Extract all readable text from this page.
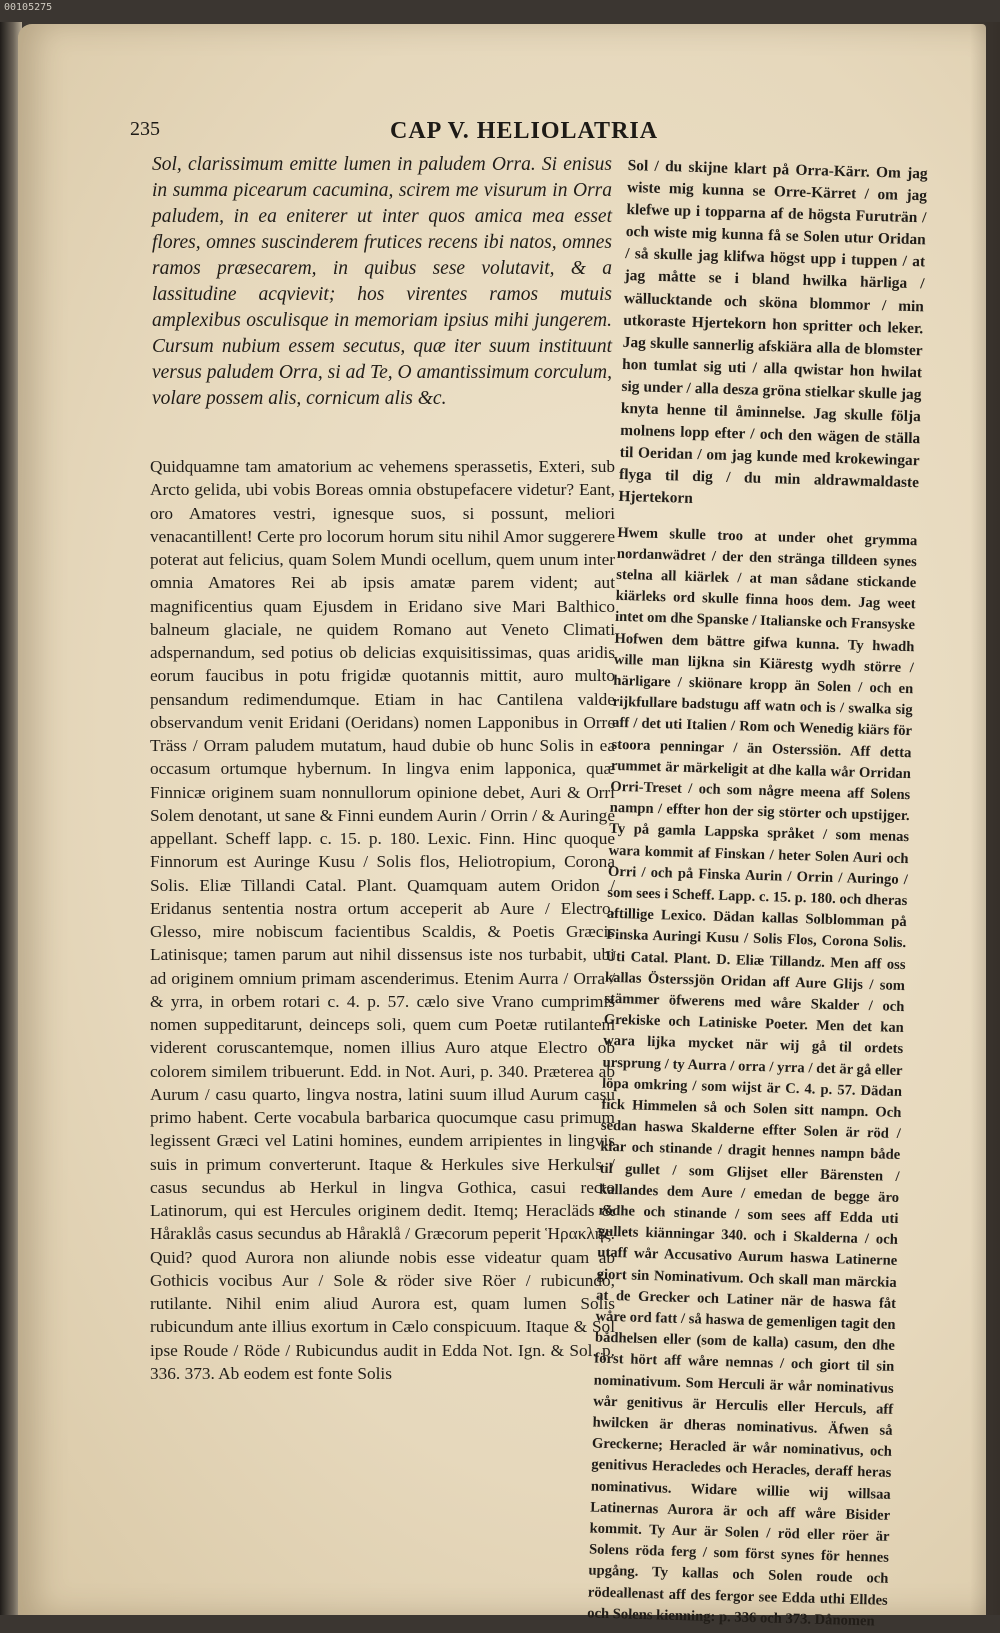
00105275
235	CAP V. HELIOLATRIA

Sol, clarissimum emitte lumen in paludem Orra. Si enisus in summa picearum cacumina, scirem me visurum in Orra paludem, in ea eniterer ut inter quos amica mea esset flores, omnes suscinderem frutices recens ibi natos, omnes ramos præsecarem, in quibus sese volutavit, & a lassitudine acqvievit; hos virentes ramos mutuis amplexibus osculisque in memoriam ipsius mihi jungerem. Cursum nubium essem secutus, quæ iter suum instituunt versus paludem Orra, si ad Te, O amantissimum corculum, volare possem alis, cornicum alis &c.

Quidquamne tam amatorium ac vehemens sperassetis, Exteri, sub Arcto gelida, ubi vobis Boreas omnia obstupefacere videtur? Eant, oro Amatores vestri, ignesque suos, si possunt, meliori venacantillent! Certe pro locorum horum situ nihil Amor suggerere poterat aut felicius, quam Solem Mundi ocellum, quem unum inter omnia Amatores Rei ab ipsis amatæ parem vident; aut magnificentius quam Ejusdem in Eridano sive Mari Balthico balneum glaciale, ne quidem Romano aut Veneto Climati adspernandum, sed potius ob delicias exquisitissimas, quas aridis eorum faucibus in potu frigidæ quotannis mittit, aurо multo pensandum redimendumque. Etiam in hac Cantilena valde observandum venit Eridani (Oeridans) nomen Lapponibus in Orre Träss / Orram paludem mutatum, haud dubie ob hunc Solis in ea occasum ortumque hybernum. In lingva enim lapponica, quæ Finnicæ originem suam nonnullorum opinione debet, Auri & Orri Solem denotant, ut sane & Finni eundem Aurin / Orrin / & Auringe appellant. Scheff lapp. c. 15. p. 180. Lexic. Finn. Hinc quoque Finnorum est Auringe Kusu / Solis flos, Heliotropium, Corona Solis. Eliæ Tillandi Catal. Plant. Quamquam autem Oridon / Eridanus sententia nostra ortum acceperit ab Aure / Electro, Glesso, mire nobiscum facientibus Scaldis, & Poetis Græcis Latinisque; tamen parum aut nihil dissensus iste nos turbabit, ubi ad originem omnium primam ascenderimus. Etenim Aurra / Orra / & yrra, in orbem rotari c. 4. p. 57. cælo sive Vrano cumprimis nomen suppeditarunt, deinceps soli, quem cum Poetæ rutilantem viderent coruscantemque, nomen illius Auro atque Electro ob colorem similem tribuerunt. Edd. in Not. Auri, p. 340. Præterea ab Aurum / casu quarto, lingva nostra, latini suum illud Aurum casu primo habent. Certe vocabula barbarica quocumque casu primum legissent Græci vel Latini homines, eundem arripientes in lingvis suis in primum converterunt. Itaque & Herkules sive Herkuls / casus secundus ab Herkul in lingva Gothica, casui recto Latinorum, qui est Hercules originem dedit. Itemq; Heracläds & Håraklås casus secundus ab Håraklå / Græcorum peperit Ἡρακλῆς. Quid? quod Aurora non aliunde nobis esse videatur quam ab Gothicis vocibus Aur / Sole & röder sive Röer / rubicundo, rutilante. Nihil enim aliud Aurora est, quam lumen Solis rubicundum ante illius exortum in Cælo conspicuum. Itaque & Sol ipse Roude / Röde / Rubicundus audit in Edda Not. Ign. & Sol. p. 336. 373. Ab eodem est fonte Solis

Sol / du skijne klart på Orra-Kärr. Om jag wiste mig kunna se Orre-Kärret / om jag klefwe up i topparna af de högsta Furuträn / och wiste mig kunna få se Solen utur Oridan / så skulle jag klifwa högst upp i tuppen / at jag måtte se i bland hwilka härliga / wällucktande och sköna blommor / min utkoraste Hjertekorn hon spritter och leker. Jag skulle sannerlig afskiära alla de blomster hon tumlat sig uti / alla qwistar hon hwilat sig under / alla desza gröna stielkar skulle jag knyta henne til åminnelse. Jag skulle följa molnens lopp efter / och den wägen de ställa til Oeridan / om jag kunde med krokewingar flyga til dig / du min aldrawmaldaste Hjertekorn

Hwem skulle troo at under ohet grymma nordanwädret / der den stränga tilldeen synes stelna all kiärlek / at man sådane stickande kiärleks ord skulle finna hoos dem. Jag weet intet om dhe Spanske / Italianske och Fransyske Hofwen dem bättre gifwa kunna. Ty hwadh wille man lijkna sin Kiärestg wydh större / härligare / skiönare kropp än Solen / och en rijkfullare badstugu aff watn och is / swalka sig aff / det uti Italien / Rom och Wenedig kiärs för stoora penningar / än Osterssiön. Aff detta rummet är märkeligit at dhe kalla wår Orridan Orri-Treset / och som någre meena aff Solens nampn / effter hon der sig störter och upstijger. Ty på gamla Lappska språket / som menas wara kommit af Finskan / heter Solen Auri och Orri / och på Finska Aurin / Orrin / Auringo / som sees i Scheff. Lapp. c. 15. p. 180. och dheras aftillige Lexico. Dädan kallas Solblomman på Finska Auringi Kusu / Solis Flos, Corona Solis. Uti Catal. Plant. D. Eliæ Tillandz. Men aff oss kallas Österssjön Oridan aff Aure Glijs / som stämmer öfwerens med wåre Skalder / och Grekiske och Latiniske Poeter. Men det kan wara lijka mycket när wij gå til ordets ursprung / ty Aurra / orra / yrra / det är gå eller löpa omkring / som wijst är C. 4. p. 57. Dädan fick Himmelen så och Solen sitt nampn. Och sedan haswa Skalderne effter Solen är röd / klar och stinande / dragit hennes nampn både til gullet / som Glijset eller Bärensten / kallandes dem Aure / emedan de begge äro rödhe och stinande / som sees aff Edda uti gullets kiänningar 340. och i Skalderna / och utaff wår Accusativo Aurum haswa Latinerne giort sin Nominativum. Och skall man märckia at de Grecker och Latiner när de haswa fåt wåre ord fatt / så haswa de gemenligen tagit den bådhelsen eller (som de kalla) casum, den dhe först hört aff wåre nemnas / och giort til sin nominativum. Som Herculi är wår nominativus wår genitivus är Herculis eller Herculs, aff hwilcken är dheras nominativus. Äfwen så Greckerne; Heracled är wår nominativus, och genitivus Heracledes och Heracles, deraff heras nominativus. Widare willie wij willsaa Latinernas Aurora är och aff wåre Bisider kommit. Ty Aur är Solen / röd eller röer är Solens röda ferg / som först synes för hennes upgång. Ty kallas och Solen roude och rödeallenast aff des fergor see Edda uthi Elldes och Solens kienning: p. 336 och 373. Dånomen
